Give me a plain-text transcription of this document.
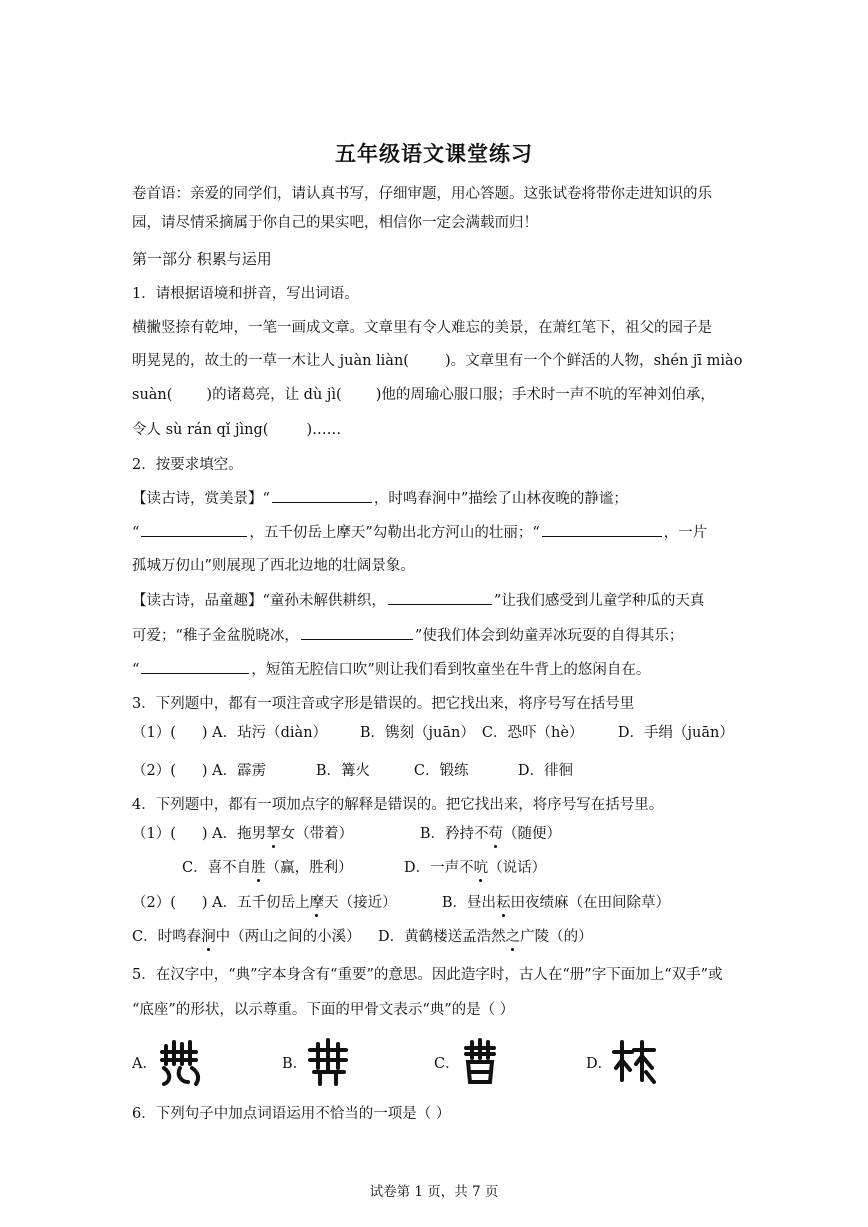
五年级语文课堂练习
卷首语：亲爱的同学们，请认真书写，仔细审题，用心答题。这张试卷将带你走进知识的乐
园，请尽情采摘属于你自己的果实吧，相信你一定会满载而归！
第一部分 积累与运用
1．请根据语境和拼音，写出词语。
横撇竖捺有乾坤，一笔一画成文章。文章里有令人难忘的美景，在萧红笔下，祖父的园子是
明晃晃的，故土的一草一木让人 juàn liàn( )。文章里有一个个鲜活的人物，shén jī miào
suàn( )的诸葛亮，让 dù jì( )他的周瑜心服口服；手术时一声不吭的军神刘伯承，
令人 sù rán qǐ jìng(	)……
2．按要求填空。
【读古诗，赏美景】“	，时鸣春涧中”描绘了山林夜晚的静谧；
“	，五千仞岳上摩天”勾勒出北方河山的壮丽；“	，一片
孤城万仞山”则展现了西北边地的壮阔景象。
【读古诗，品童趣】“童孙未解供耕织，	”让我们感受到儿童学种瓜的天真
可爱；“稚子金盆脱晓冰，	”使我们体会到幼童弄冰玩耍的自得其乐；
“	，短笛无腔信口吹”则让我们看到牧童坐在牛背上的悠闲自在。
3．下列题中，都有一项注音或字形是错误的。把它找出来，将序号写在括号里
（1）( ) A．玷污（diàn） B．镌刻（juān） C．恐吓（hè） D．手绢（juān）
（2）( ) A．霹雳	B．篝火	C．锻练	D．徘徊
4．下列题中，都有一项加点字的解释是错误的。把它找出来，将序号写在括号里。
（1）( ) A．拖男挈女（带着）	B．矜持不苟（随便）
C．喜不自胜（赢，胜利）	D．一声不吭（说话）
（2）( ) A．五千仞岳上摩天（接近）	B．昼出耘田夜绩麻（在田间除草）
C．时鸣春涧中（两山之间的小溪） D．黄鹤楼送孟浩然之广陵（的）
5．在汉字中，“典”字本身含有“重要”的意思。因此造字时，古人在“册”字下面加上“双手”或
“底座”的形状，以示尊重。下面的甲骨文表示“典”的是（ ）
A．	B．	C．	D．
6．下列句子中加点词语运用不恰当的一项是（ ）
试卷第 1 页，共 7 页
